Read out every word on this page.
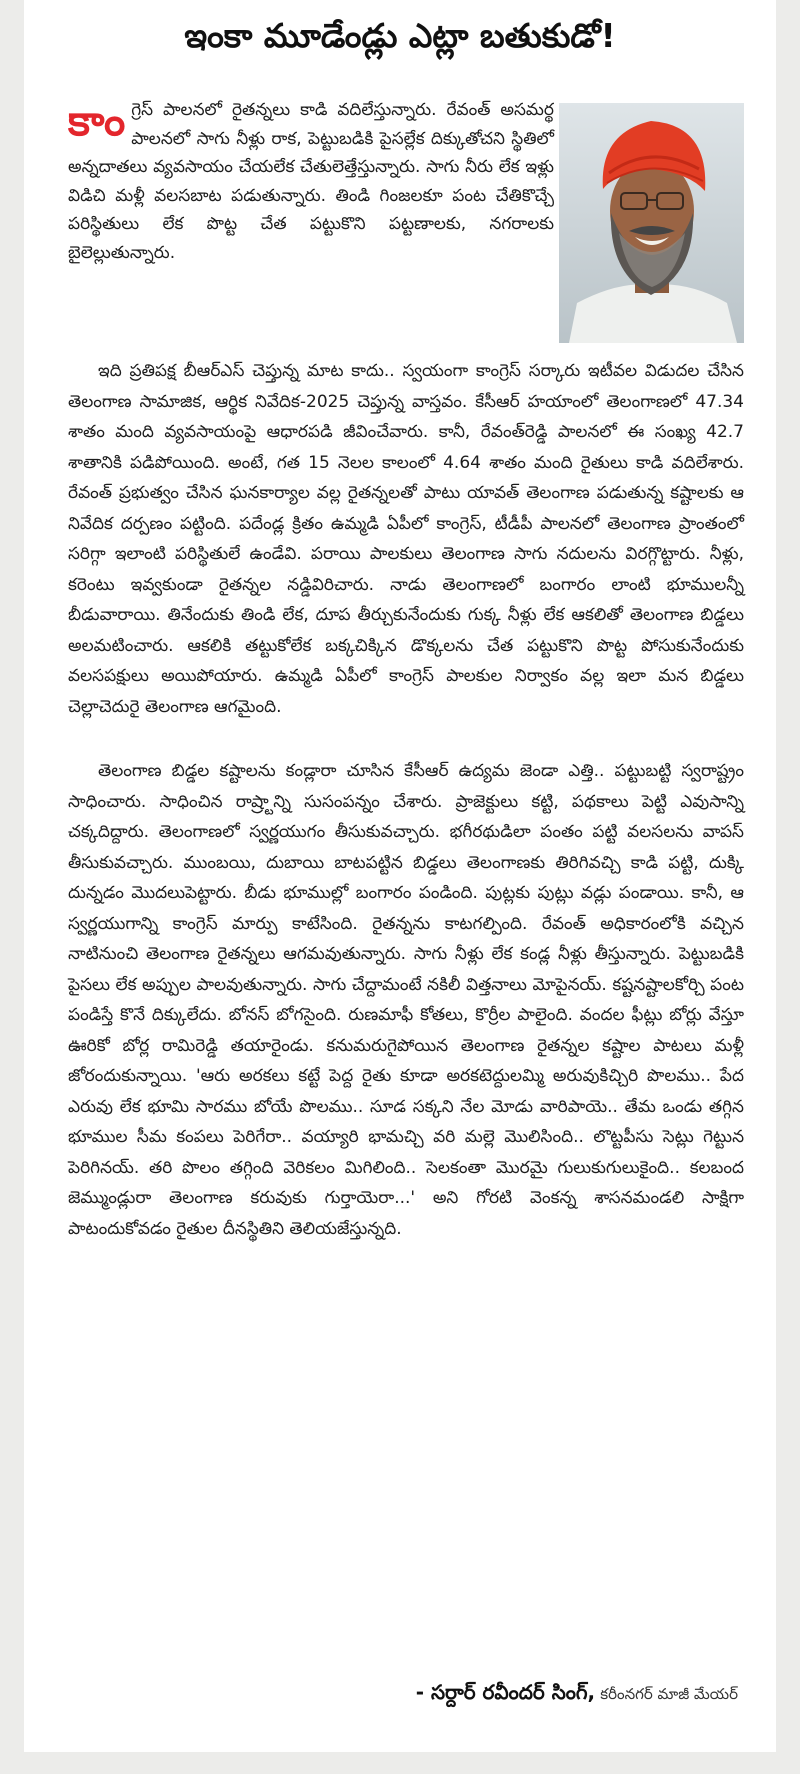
ఇంకా మూడేండ్లు ఎట్లా బతుకుడో!
కాం గ్రెస్ పాలనలో రైతన్నలు కాడి వదిలేస్తున్నారు. రేవంత్ అసమర్థ పాలనలో సాగు నీళ్లు రాక, పెట్టుబడికి పైసల్లేక దిక్కుతోచని స్థితిలో అన్నదాతలు వ్యవసాయం చేయలేక చేతులెత్తేస్తున్నారు. సాగు నీరు లేక ఇళ్లు విడిచి మళ్లీ వలసబాట పడుతున్నారు. తిండి గింజలకూ పంట చేతికొచ్చే పరిస్థితులు లేక పొట్ట చేత పట్టుకొని పట్టణాలకు, నగరాలకు బైలెల్లుతున్నారు.

ఇది ప్రతిపక్ష బీఆర్ఎస్ చెప్తున్న మాట కాదు.. స్వయంగా కాంగ్రెస్ సర్కారు ఇటీవల విడుదల చేసిన తెలంగాణ సామాజిక, ఆర్థిక నివేదిక-2025 చెప్తున్న వాస్తవం. కేసీఆర్ హయాంలో తెలంగాణలో 47.34 శాతం మంది వ్యవసాయంపై ఆధారపడి జీవించేవారు. కానీ, రేవంత్‌రెడ్డి పాలనలో ఈ సంఖ్య 42.7 శాతానికి పడిపోయింది. అంటే, గత 15 నెలల కాలంలో 4.64 శాతం మంది రైతులు కాడి వదిలేశారు. రేవంత్ ప్రభుత్వం చేసిన ఘనకార్యాల వల్ల రైతన్నలతో పాటు యావత్ తెలంగాణ పడుతున్న కష్టాలకు ఆ నివేదిక దర్పణం పట్టింది. పదేండ్ల క్రితం ఉమ్మడి ఏపీలో కాంగ్రెస్, టీడీపీ పాలనలో తెలంగాణ ప్రాంతంలో సరిగ్గా ఇలాంటి పరిస్థితులే ఉండేవి. పరాయి పాలకులు తెలంగాణ సాగు నదులను విరగ్గొట్టారు. నీళ్లు, కరెంటు ఇవ్వకుండా రైతన్నల నడ్డివిరిచారు. నాడు తెలంగాణలో బంగారం లాంటి భూములన్నీ బీడువారాయి. తినేందుకు తిండి లేక, దూప తీర్చుకునేందుకు గుక్క నీళ్లు లేక ఆకలితో తెలంగాణ బిడ్డలు అలమటించారు. ఆకలికి తట్టుకోలేక బక్కచిక్కిన డొక్కలను చేత పట్టుకొని పొట్ట పోసుకునేందుకు వలసపక్షులు అయిపోయారు. ఉమ్మడి ఏపీలో కాంగ్రెస్ పాలకుల నిర్వాకం వల్ల ఇలా మన బిడ్డలు చెల్లాచెదురై తెలంగాణ ఆగమైంది.

తెలంగాణ బిడ్డల కష్టాలను కండ్లారా చూసిన కేసీఆర్ ఉద్యమ జెండా ఎత్తి.. పట్టుబట్టి స్వరాష్ట్రం సాధించారు. సాధించిన రాష్ర్టాన్ని సుసంపన్నం చేశారు. ప్రాజెక్టులు కట్టి, పథకాలు పెట్టి ఎవుసాన్ని చక్కదిద్దారు. తెలంగాణలో స్వర్ణయుగం తీసుకువచ్చారు. భగీరథుడిలా పంతం పట్టి వలసలను వాపస్ తీసుకువచ్చారు. ముంబయి, దుబాయి బాటపట్టిన బిడ్డలు తెలంగాణకు తిరిగివచ్చి కాడి పట్టి, దుక్కి దున్నడం మొదలుపెట్టారు. బీడు భూముల్లో బంగారం పండింది. పుట్లకు పుట్లు వడ్లు పండాయి. కానీ, ఆ స్వర్ణయుగాన్ని కాంగ్రెస్ మార్పు కాటేసింది. రైతన్నను కాటగల్పింది. రేవంత్ అధికారంలోకి వచ్చిన నాటినుంచి తెలంగాణ రైతన్నలు ఆగమవుతున్నారు. సాగు నీళ్లు లేక కండ్ల నీళ్లు తీస్తున్నారు. పెట్టుబడికి పైసలు లేక అప్పుల పాలవుతున్నారు. సాగు చేద్దామంటే నకిలీ విత్తనాలు మోపైనయ్. కష్టనష్టాలకోర్చి పంట పండిస్తే కొనే దిక్కులేదు. బోనస్ బోగసైంది. రుణమాఫీ కోతలు, కొర్రీల పాలైంది. వందల ఫీట్లు బోర్లు వేస్తూ ఊరికో బోర్ల రామిరెడ్డి తయారైండు. కనుమరుగైపోయిన తెలంగాణ రైతన్నల కష్టాల పాటలు మళ్లీ జోరందుకున్నాయి. 'ఆరు అరకలు కట్టే పెద్ద రైతు కూడా అరకటెద్దులమ్మి అరువుకిచ్చిరి పొలము.. పేద ఎరువు లేక భూమి సారము బోయే పొలము.. సూడ సక్కని నేల మోడు వారిపాయె.. తేమ ఒండు తగ్గిన భూముల సీమ కంపలు పెరిగేరా.. వయ్యారి భామచ్చి వరి మల్లె మొలిసింది.. లొట్టపీసు సెట్లు గెట్టున పెరిగినయ్. తరి పొలం తగ్గింది వెరికలం మిగిలింది.. సెలకంతా మొరమై గులుకుగులుకైంది.. కలబంద జెమ్ముండ్లురా తెలంగాణ కరువుకు గుర్తాయెరా...' అని గోరటి వెంకన్న శాసనమండలి సాక్షిగా పాటందుకోవడం రైతుల దీనస్థితిని తెలియజేస్తున్నది.

- సర్దార్ రవీందర్ సింగ్, కరీంనగర్ మాజీ మేయర్
